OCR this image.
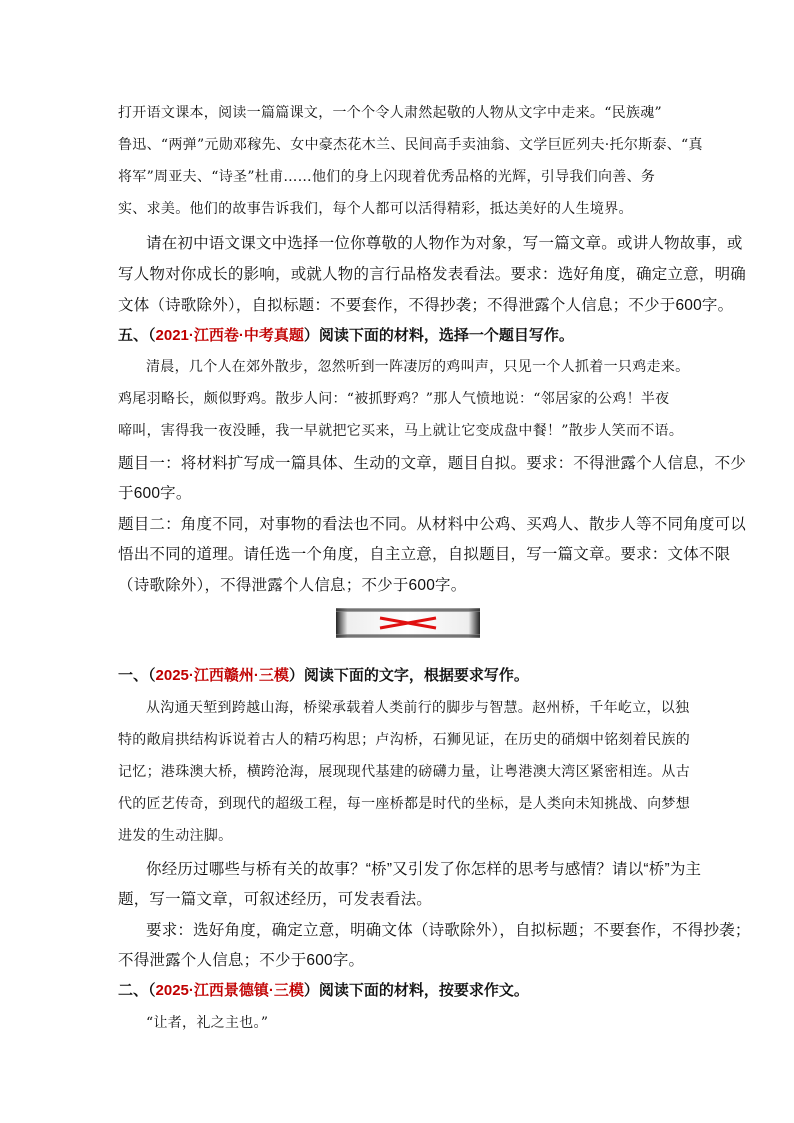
打开语文课本，阅读一篇篇课文，一个个令人肃然起敬的人物从文字中走来。“民族魂”

鲁迅、“两弹”元勋邓稼先、女中豪杰花木兰、民间高手卖油翁、文学巨匠列夫·托尔斯泰、“真

将军”周亚夫、“诗圣”杜甫……他们的身上闪现着优秀品格的光辉，引导我们向善、务

实、求美。他们的故事告诉我们，每个人都可以活得精彩，抵达美好的人生境界。

请在初中语文课文中选择一位你尊敬的人物作为对象，写一篇文章。或讲人物故事，或

写人物对你成长的影响，或就人物的言行品格发表看法。要求：选好角度，确定立意，明确

文体（诗歌除外），自拟标题：不要套作，不得抄袭；不得泄露个人信息；不少于600字。

五、（2021·江西卷·中考真题）阅读下面的材料，选择一个题目写作。

清晨，几个人在郊外散步，忽然听到一阵凄厉的鸡叫声，只见一个人抓着一只鸡走来。

鸡尾羽略长，颇似野鸡。散步人问：“被抓野鸡？”那人气愤地说：“邻居家的公鸡！半夜

啼叫，害得我一夜没睡，我一早就把它买来，马上就让它变成盘中餐！”散步人笑而不语。

题目一：将材料扩写成一篇具体、生动的文章，题目自拟。要求：不得泄露个人信息，不少

于600字。

题目二：角度不同，对事物的看法也不同。从材料中公鸡、买鸡人、散步人等不同角度可以

悟出不同的道理。请任选一个角度，自主立意，自拟题目，写一篇文章。要求：文体不限

（诗歌除外），不得泄露个人信息；不少于600字。

一、（2025·江西赣州·三模）阅读下面的文字，根据要求写作。

从沟通天堑到跨越山海，桥梁承载着人类前行的脚步与智慧。赵州桥，千年屹立，以独

特的敞肩拱结构诉说着古人的精巧构思；卢沟桥，石狮见证，在历史的硝烟中铭刻着民族的

记忆；港珠澳大桥，横跨沧海，展现现代基建的磅礴力量，让粤港澳大湾区紧密相连。从古

代的匠艺传奇，到现代的超级工程，每一座桥都是时代的坐标，是人类向未知挑战、向梦想

进发的生动注脚。

你经历过哪些与桥有关的故事？“桥”又引发了你怎样的思考与感情？请以“桥”为主

题，写一篇文章，可叙述经历，可发表看法。

要求：选好角度，确定立意，明确文体（诗歌除外），自拟标题；不要套作，不得抄袭；

不得泄露个人信息；不少于600字。

二、（2025·江西景德镇·三模）阅读下面的材料，按要求作文。

“让者，礼之主也。”
